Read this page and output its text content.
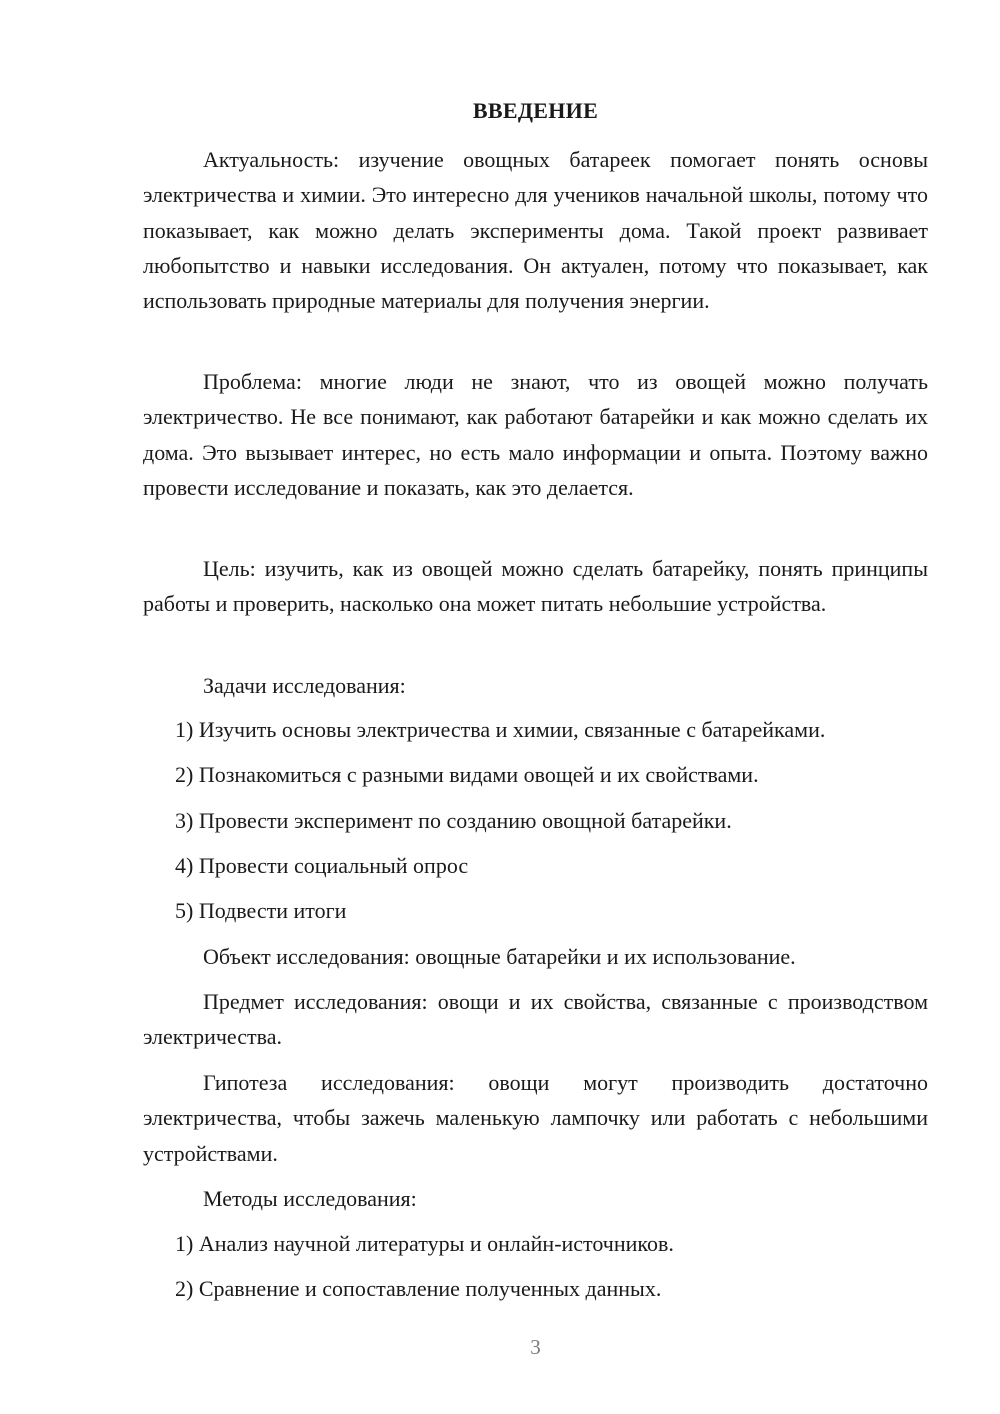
ВВЕДЕНИЕ

Актуальность: изучение овощных батареек помогает понять основы электричества и химии. Это интересно для учеников начальной школы, потому что показывает, как можно делать эксперименты дома. Такой проект развивает любопытство и навыки исследования. Он актуален, потому что показывает, как использовать природные материалы для получения энергии.

Проблема: многие люди не знают, что из овощей можно получать электричество. Не все понимают, как работают батарейки и как можно сделать их дома. Это вызывает интерес, но есть мало информации и опыта. Поэтому важно провести исследование и показать, как это делается.

Цель: изучить, как из овощей можно сделать батарейку, понять принципы работы и проверить, насколько она может питать небольшие устройства.

Задачи исследования:

1) Изучить основы электричества и химии, связанные с батарейками.

2) Познакомиться с разными видами овощей и их свойствами.

3) Провести эксперимент по созданию овощной батарейки.

4) Провести социальный опрос

5) Подвести итоги

Объект исследования: овощные батарейки и их использование.

Предмет исследования: овощи и их свойства, связанные с производством электричества.

Гипотеза исследования: овощи могут производить достаточно электричества, чтобы зажечь маленькую лампочку или работать с небольшими устройствами.

Методы исследования:

1) Анализ научной литературы и онлайн-источников.

2) Сравнение и сопоставление полученных данных.

3
